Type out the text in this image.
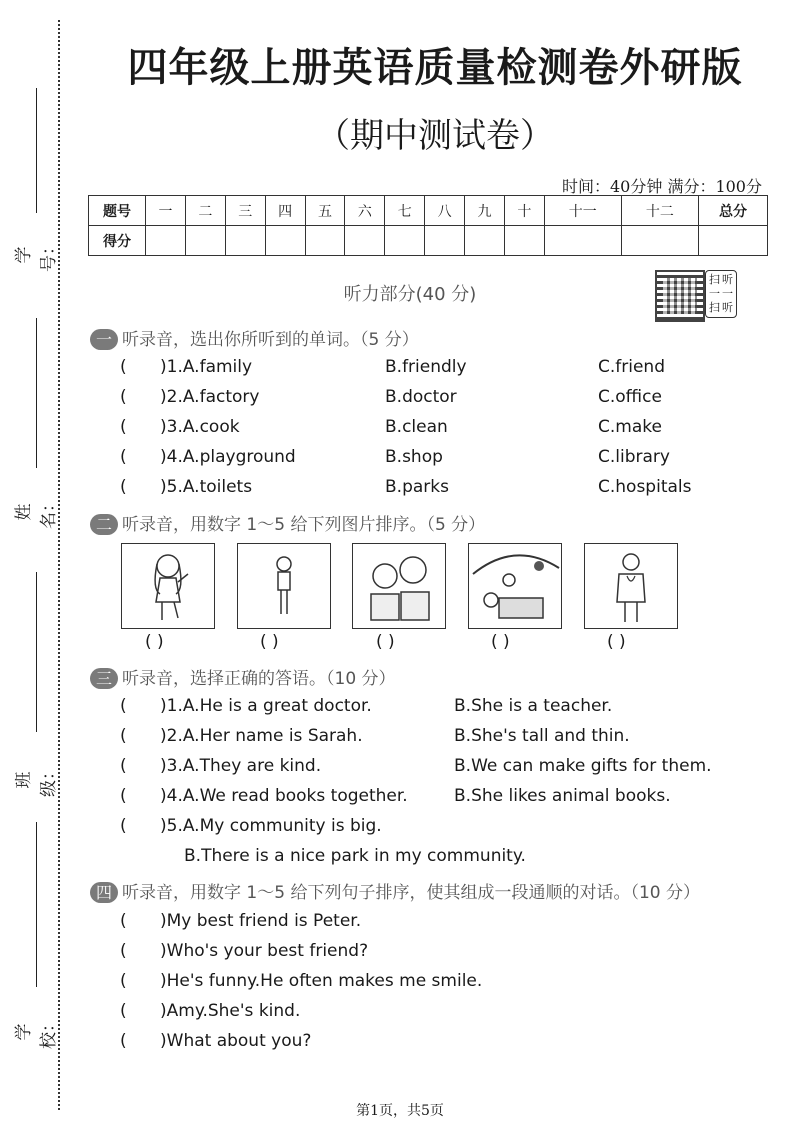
学号：
姓名：
班级：
学校：
四年级上册英语质量检测卷外研版
（期中测试卷）
时间：40分钟 满分：100分
题号	一	二	三	四	五	六	七	八	九	十	十一	十二	总分
得分													
听力部分(40 分)
扫 听
一 一
扫 听
一 听录音，选出你所听到的单词。（5 分）
( )1.A.family	B.friendly	C.friend
( )2.A.factory	B.doctor	C.office
( )3.A.cook	B.clean	C.make
( )4.A.playground	B.shop	C.library
( )5.A.toilets	B.parks	C.hospitals
二 听录音，用数字 1～5 给下列图片排序。（5 分）
( )	( )	( )	( )	( )
三 听录音，选择正确的答语。（10 分）
( )1.A.He is a great doctor.	B.She is a teacher.
( )2.A.Her name is Sarah.	B.She's tall and thin.
( )3.A.They are kind.	B.We can make gifts for them.
( )4.A.We read books together.	B.She likes animal books.
( )5.A.My community is big.
B.There is a nice park in my community.
四 听录音，用数字 1～5 给下列句子排序，使其组成一段通顺的对话。（10 分）
( )My best friend is Peter.
( )Who's your best friend?
( )He's funny.He often makes me smile.
( )Amy.She's kind.
( )What about you?
第1页，共5页
